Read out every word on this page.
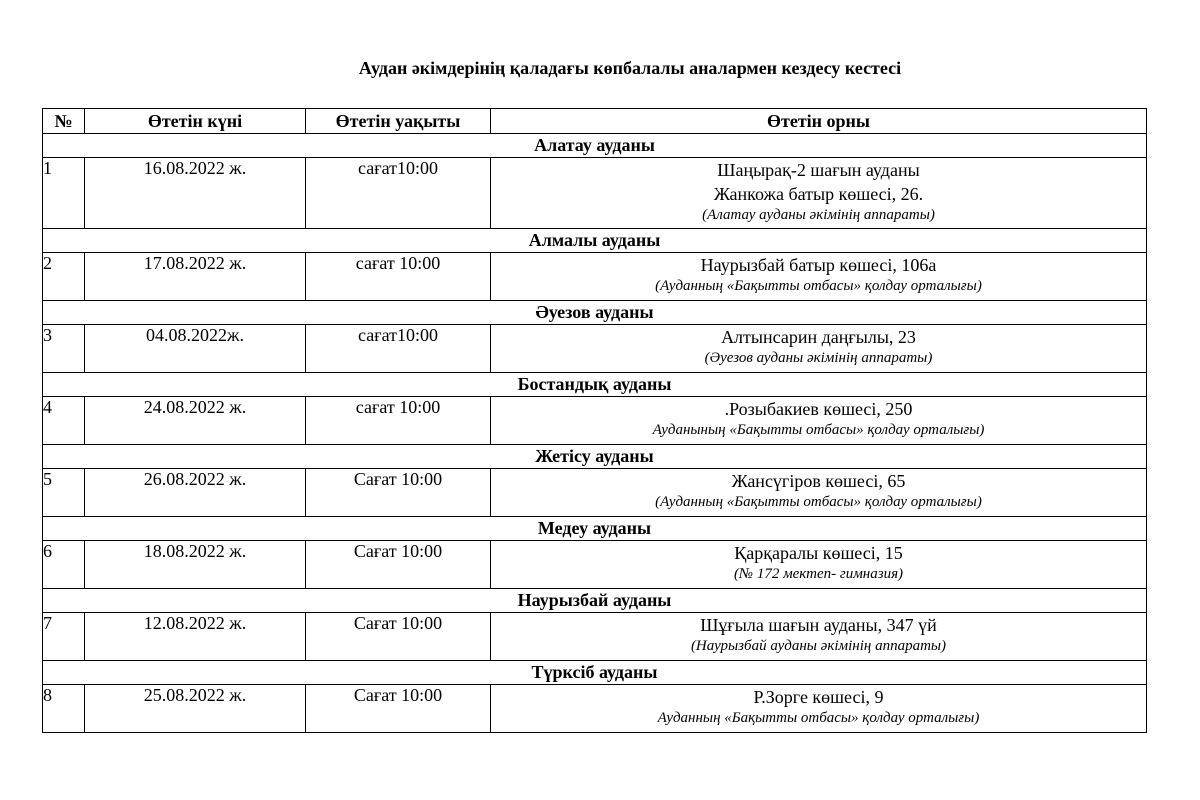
Аудан әкімдерінің қаладағы көпбалалы аналармен кездесу кестесі
№	Өтетін күні	Өтетін уақыты	Өтетін орны
Алатау ауданы			
1	16.08.2022 ж.	сағат10:00	Шаңырақ-2 шағын ауданы
Жанкожа батыр көшесі, 26.
(Алатау ауданы әкімінің аппараты)

Алмалы ауданы			
2	17.08.2022 ж.	сағат 10:00	Наурызбай батыр көшесі, 106а
(Ауданның «Бақытты отбасы» қолдау орталығы)

Әуезов ауданы			
3	04.08.2022ж.	сағат10:00	Алтынсарин даңғылы, 23
(Әуезов ауданы әкімінің аппараты)

Бостандық ауданы			
4	24.08.2022 ж.	сағат 10:00	.Розыбакиев көшесі, 250
Ауданының «Бақытты отбасы» қолдау орталығы)

Жетісу ауданы			
5	26.08.2022 ж.	Сағат 10:00	Жансүгіров көшесі, 65
(Ауданның «Бақытты отбасы» қолдау орталығы)

Медеу ауданы			
6	18.08.2022 ж.	Сағат 10:00	Қарқаралы көшесі, 15
(№ 172 мектеп- гимназия)

Наурызбай ауданы			
7	12.08.2022 ж.	Сағат 10:00	Шұғыла шағын ауданы, 347 үй
(Наурызбай ауданы әкімінің аппараты)

Түрксіб ауданы			
8	25.08.2022 ж.	Сағат 10:00	Р.Зорге көшесі, 9
Ауданның «Бақытты отбасы» қолдау орталығы)
